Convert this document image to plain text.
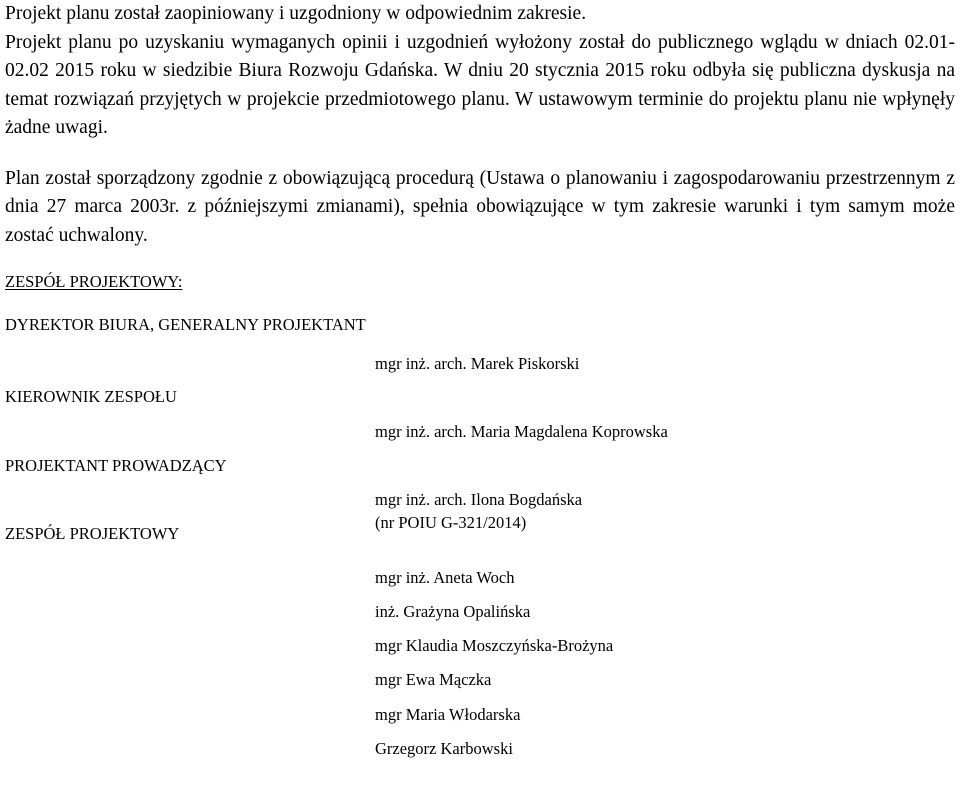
Projekt planu został zaopiniowany i uzgodniony w odpowiednim zakresie.

Projekt planu po uzyskaniu wymaganych opinii i uzgodnień wyłożony został do publicznego wglądu w dniach 02.01-02.02 2015 roku w siedzibie Biura Rozwoju Gdańska. W dniu 20 stycznia 2015 roku odbyła się publiczna dyskusja na temat rozwiązań przyjętych w projekcie przedmiotowego planu. W ustawowym terminie do projektu planu nie wpłynęły żadne uwagi.

Plan został sporządzony zgodnie z obowiązującą procedurą (Ustawa o planowaniu i zagospodarowaniu przestrzennym z dnia 27 marca 2003r. z późniejszymi zmianami), spełnia obowiązujące w tym zakresie warunki i tym samym może zostać uchwalony.

ZESPÓŁ PROJEKTOWY:

DYREKTOR BIURA, GENERALNY PROJEKTANT

KIEROWNIK ZESPOŁU
PROJEKTANT PROWADZĄCY
ZESPÓŁ PROJEKTOWY
mgr inż. arch. Marek Piskorski
mgr inż. arch. Maria Magdalena Koprowska
mgr inż. arch. Ilona Bogdańska
(nr POIU G-321/2014)
mgr inż. Aneta Woch
inż. Grażyna Opalińska
mgr Klaudia Moszczyńska-Brożyna
mgr Ewa Mączka
mgr Maria Włodarska
Grzegorz Karbowski
